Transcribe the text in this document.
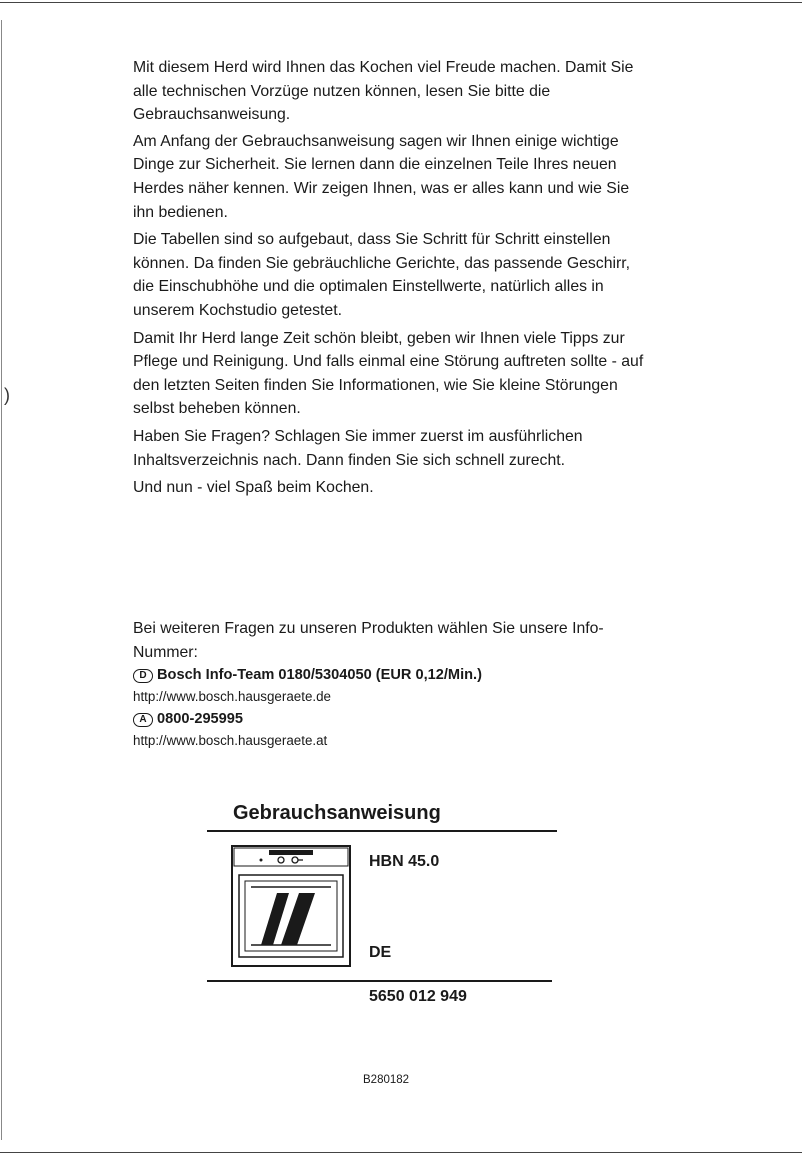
)

Mit diesem Herd wird Ihnen das Kochen viel Freude machen. Damit Sie alle technischen Vorzüge nutzen können, lesen Sie bitte die Gebrauchsanweisung.

Am Anfang der Gebrauchsanweisung sagen wir Ihnen einige wichtige Dinge zur Sicherheit. Sie lernen dann die einzelnen Teile Ihres neuen Herdes näher kennen. Wir zeigen Ihnen, was er alles kann und wie Sie ihn bedienen.

Die Tabellen sind so aufgebaut, dass Sie Schritt für Schritt einstellen können. Da finden Sie gebräuchliche Gerichte, das passende Geschirr, die Einschubhöhe und die optimalen Einstellwerte, natürlich alles in unserem Kochstudio getestet.

Damit Ihr Herd lange Zeit schön bleibt, geben wir Ihnen viele Tipps zur Pflege und Reinigung. Und falls einmal eine Störung auftreten sollte - auf den letzten Seiten finden Sie Informationen, wie Sie kleine Störungen selbst beheben können.

Haben Sie Fragen? Schlagen Sie immer zuerst im ausführlichen Inhaltsverzeichnis nach. Dann finden Sie sich schnell zurecht.

Und nun - viel Spaß beim Kochen.

Bei weiteren Fragen zu unseren Produkten wählen Sie unsere Info-Nummer:

D Bosch Info-Team 0180/5304050 (EUR 0,12/Min.)

http://www.bosch.hausgeraete.de

A 0800-295995

http://www.bosch.hausgeraete.at

Gebrauchsanweisung
HBN 45.0
DE
5650 012 949
B280182
